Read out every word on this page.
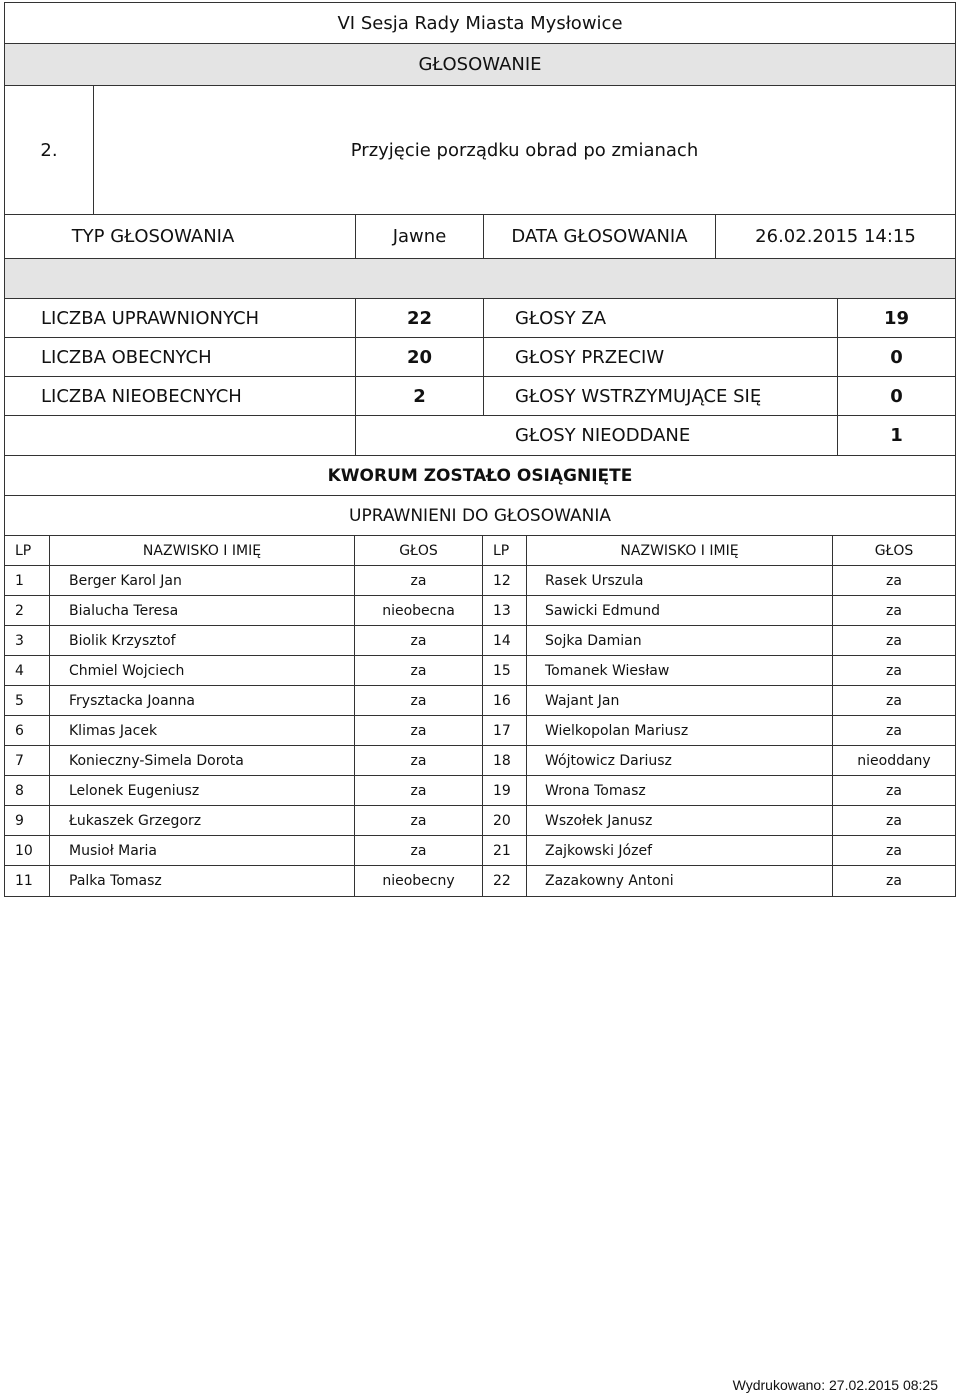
VI Sesja Rady Miasta Mysłowice
GŁOSOWANIE
2.	Przyjęcie porządku obrad po zmianach
TYP GŁOSOWANIA	Jawne	DATA GŁOSOWANIA	26.02.2015 14:15
LICZBA UPRAWNIONYCH	22	GŁOSY ZA	19
LICZBA OBECNYCH	20	GŁOSY PRZECIW	0
LICZBA NIEOBECNYCH	2	GŁOSY WSTRZYMUJĄCE SIĘ	0
GŁOSY NIEODDANE	1
KWORUM ZOSTAŁO OSIĄGNIĘTE
UPRAWNIENI DO GŁOSOWANIA
LP	NAZWISKO I IMIĘ	GŁOS	LP	NAZWISKO I IMIĘ	GŁOS
1	Berger Karol Jan	za	12	Rasek Urszula	za
2	Bialucha Teresa	nieobecna	13	Sawicki Edmund	za
3	Biolik Krzysztof	za	14	Sojka Damian	za
4	Chmiel Wojciech	za	15	Tomanek Wiesław	za
5	Frysztacka Joanna	za	16	Wajant Jan	za
6	Klimas Jacek	za	17	Wielkopolan Mariusz	za
7	Konieczny-Simela Dorota	za	18	Wójtowicz Dariusz	nieoddany
8	Lelonek Eugeniusz	za	19	Wrona Tomasz	za
9	Łukaszek Grzegorz	za	20	Wszołek Janusz	za
10	Musioł Maria	za	21	Zajkowski Józef	za
11	Palka Tomasz	nieobecny	22	Zazakowny Antoni	za
Wydrukowano: 27.02.2015 08:25
